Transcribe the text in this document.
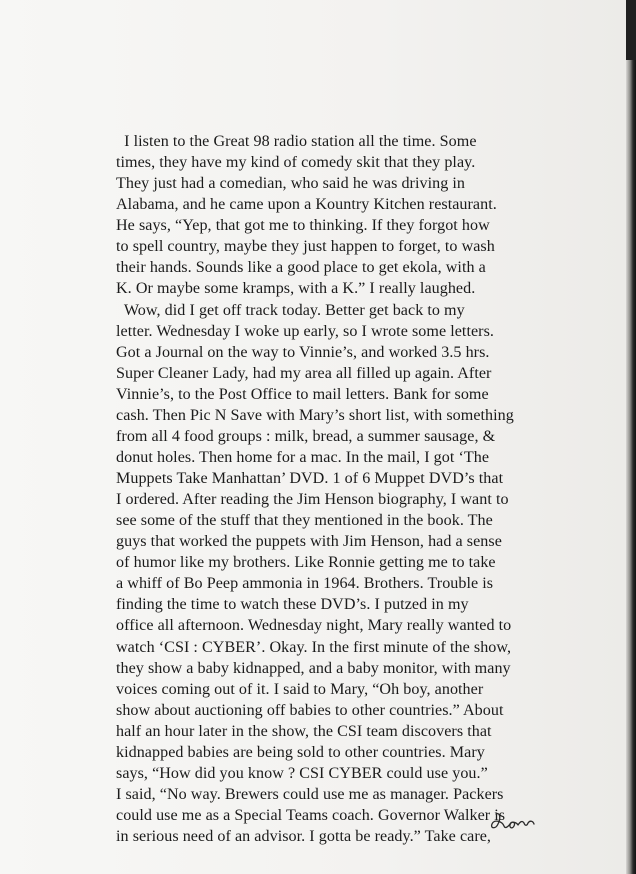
I listen to the Great 98 radio station all the time. Some
times, they have my kind of comedy skit that they play.
They just had a comedian, who said he was driving in
Alabama, and he came upon a Kountry Kitchen restaurant.
He says, “Yep, that got me to thinking. If they forgot how
to spell country, maybe they just happen to forget, to wash
their hands. Sounds like a good place to get ekola, with a
K. Or maybe some kramps, with a K.” I really laughed.
Wow, did I get off track today. Better get back to my
letter. Wednesday I woke up early, so I wrote some letters.
Got a Journal on the way to Vinnie’s, and worked 3.5 hrs.
Super Cleaner Lady, had my area all filled up again. After
Vinnie’s, to the Post Office to mail letters. Bank for some
cash. Then Pic N Save with Mary’s short list, with something
from all 4 food groups : milk, bread, a summer sausage, &
donut holes. Then home for a mac. In the mail, I got ‘The
Muppets Take Manhattan’ DVD. 1 of 6 Muppet DVD’s that
I ordered. After reading the Jim Henson biography, I want to
see some of the stuff that they mentioned in the book. The
guys that worked the puppets with Jim Henson, had a sense
of humor like my brothers. Like Ronnie getting me to take
a whiff of Bo Peep ammonia in 1964. Brothers. Trouble is
finding the time to watch these DVD’s. I putzed in my
office all afternoon. Wednesday night, Mary really wanted to
watch ‘CSI : CYBER’. Okay. In the first minute of the show,
they show a baby kidnapped, and a baby monitor, with many
voices coming out of it. I said to Mary, “Oh boy, another
show about auctioning off babies to other countries.” About
half an hour later in the show, the CSI team discovers that
kidnapped babies are being sold to other countries. Mary
says, “How did you know ? CSI CYBER could use you.”
I said, “No way. Brewers could use me as manager. Packers
could use me as a Special Teams coach. Governor Walker is
in serious need of an advisor. I gotta be ready.” Take care,
